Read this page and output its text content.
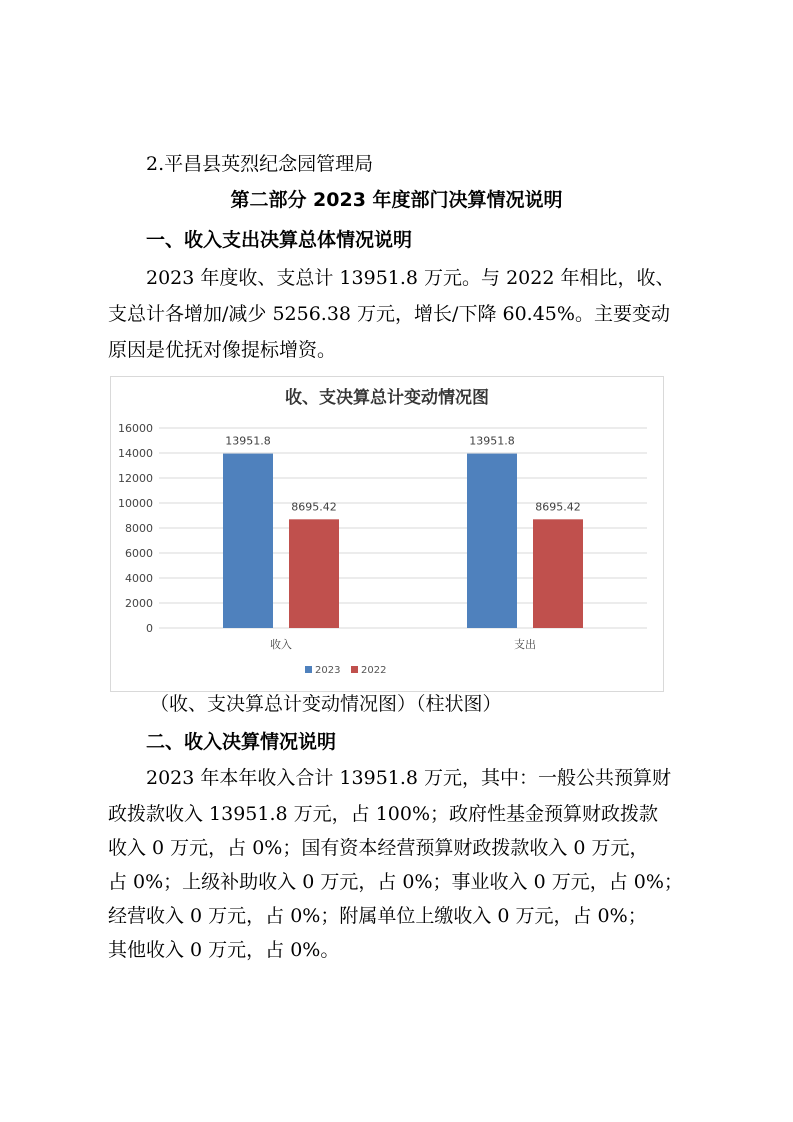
2.平昌县英烈纪念园管理局
第二部分 2023 年度部门决算情况说明
一、收入支出决算总体情况说明
2023 年度收、支总计 13951.8 万元。与 2022 年相比，收、
支总计各增加/减少 5256.38 万元，增长/下降 60.45%。主要变动
原因是优抚对像提标增资。
收、支决算总计变动情况图
0
2000
4000
6000
8000
10000
12000
14000
16000
13951.8
8695.42
13951.8
8695.42
收入	支出
2023 2022
（收、支决算总计变动情况图）（柱状图）
二、收入决算情况说明
2023 年本年收入合计 13951.8 万元，其中：一般公共预算财
政拨款收入 13951.8 万元，占 100%；政府性基金预算财政拨款
收入 0 万元，占 0%；国有资本经营预算财政拨款收入 0 万元，
占 0%；上级补助收入 0 万元，占 0%；事业收入 0 万元，占 0%；
经营收入 0 万元，占 0%；附属单位上缴收入 0 万元，占 0%；
其他收入 0 万元，占 0%。
